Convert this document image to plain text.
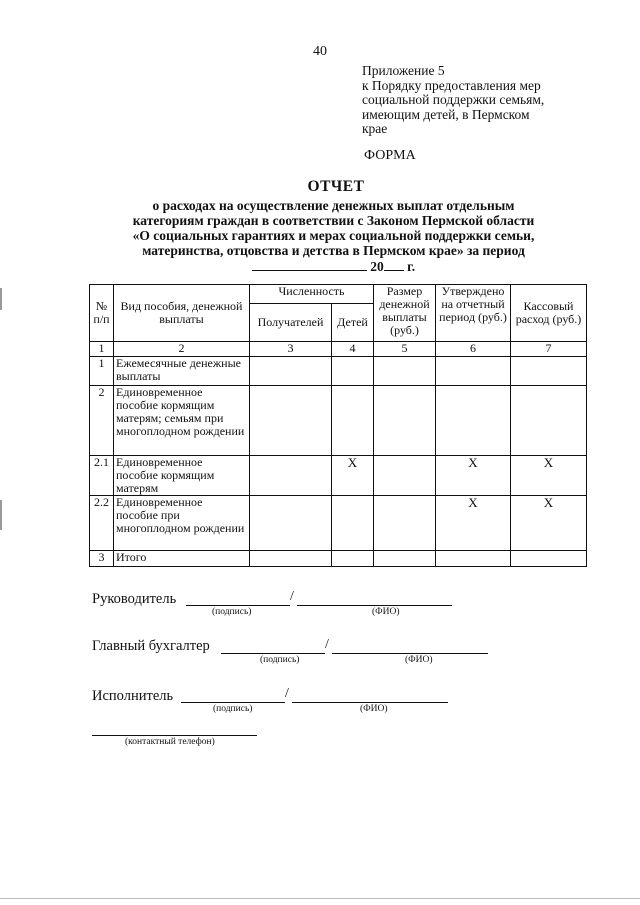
40
Приложение 5
к Порядку предоставления мер
социальной поддержки семьям,
имеющим детей, в Пермском
крае
ФОРМА
ОТЧЕТ
о расходах на осуществление денежных выплат отдельным
категориям граждан в соответствии с Законом Пермской области
«О социальных гарантиях и мерах социальной поддержки семьи,
материнства, отцовства и детства в Пермском крае» за период
20 г.
№ п/п	Вид пособия, денежной выплаты	Численность		Размер денежной выплаты (руб.)	Утверждено на отчетный период (руб.)	Кассовый расход (руб.)
		Получателей	Детей			
1	2	3	4	5	6	7
1	Ежемесячные денежные выплаты					
2	Единовременное пособие кормящим матерям; семьям при многоплодном рождении					
2.1	Единовременное пособие кормящим матерям		Х		Х	Х
2.2	Единовременное пособие при многоплодном рождении				Х	Х
3	Итого					
Руководитель	/
(подпись)	(ФИО)
Главный бухгалтер	/
(подпись)	(ФИО)
Исполнитель	/
(подпись)	(ФИО)
(контактный телефон)
